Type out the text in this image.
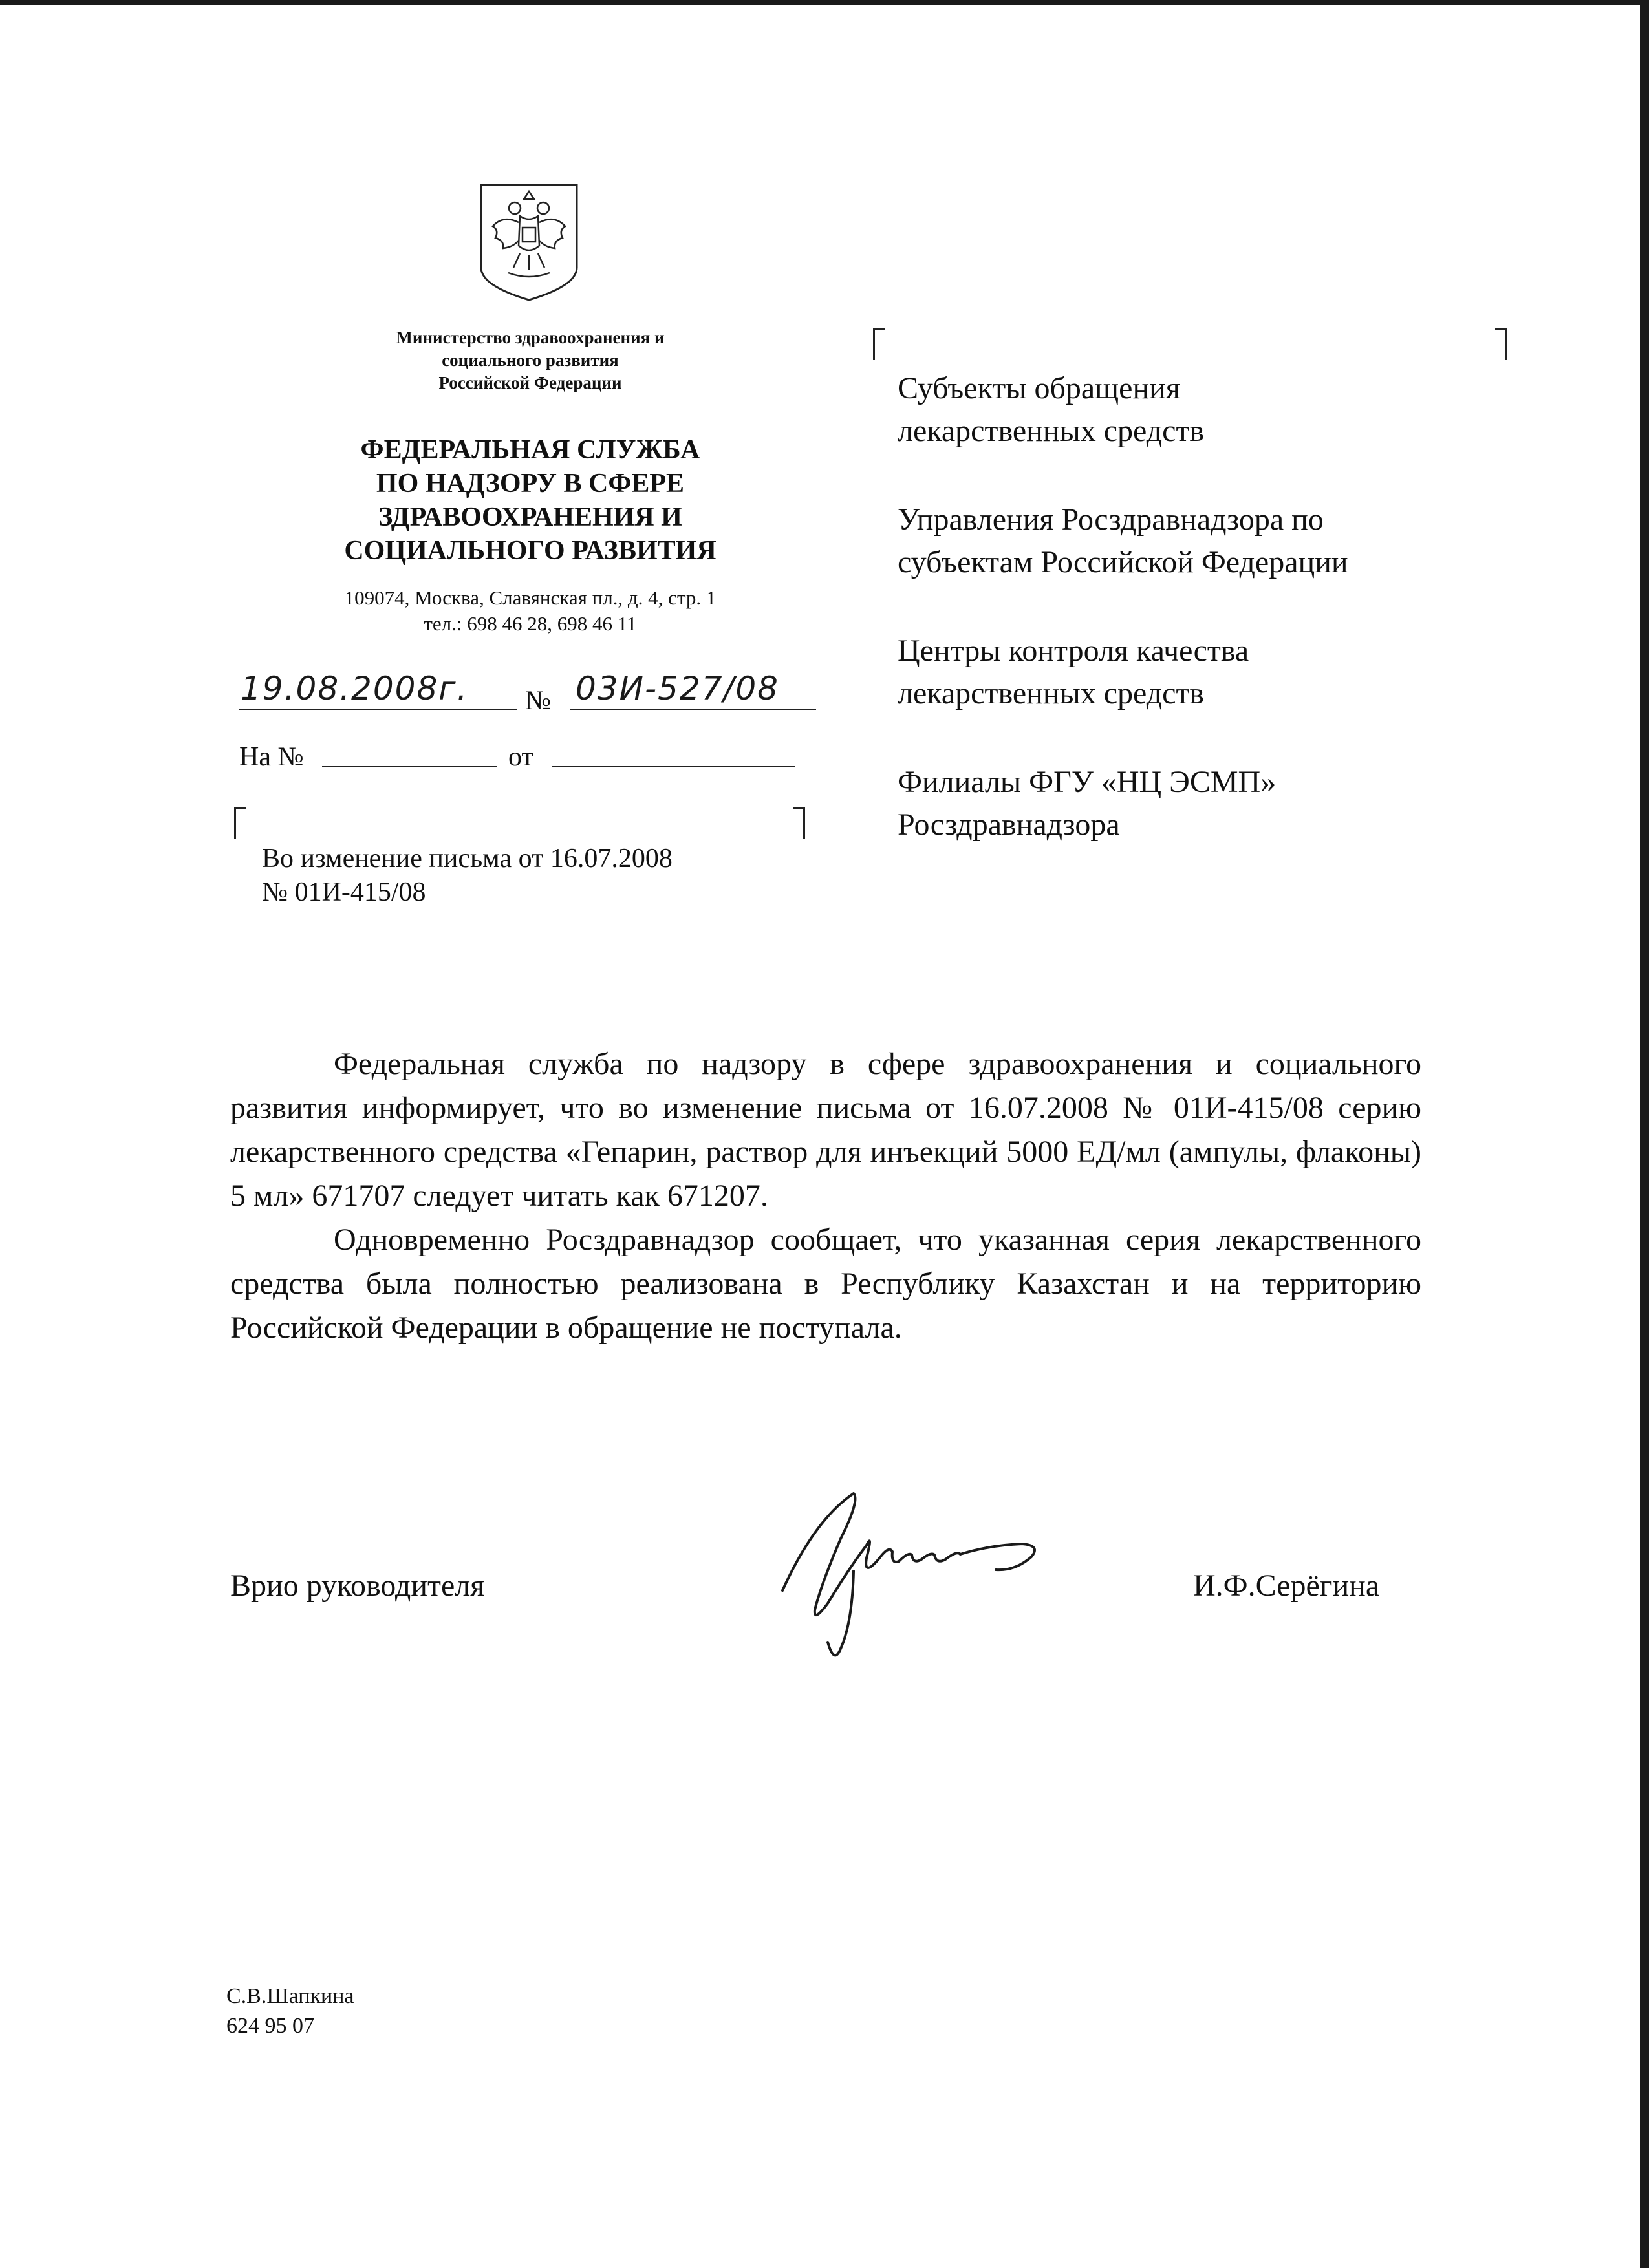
Министерство здравоохранения и
социального развития
Российской Федерации
ФЕДЕРАЛЬНАЯ СЛУЖБА
ПО НАДЗОРУ В СФЕРЕ
ЗДРАВООХРАНЕНИЯ И
СОЦИАЛЬНОГО РАЗВИТИЯ
109074, Москва, Славянская пл., д. 4, стр. 1
тел.: 698 46 28, 698 46 11
19.08.2008г. № 03И-527/08
На №	от
Во изменение письма от 16.07.2008
№ 01И-415/08
Субъекты обращения
лекарственных средств
Управления Росздравнадзора по
субъектам Российской Федерации
Центры контроля качества
лекарственных средств
Филиалы ФГУ «НЦ ЭСМП»
Росздравнадзора

Федеральная служба по надзору в сфере здравоохранения и социального развития информирует, что во изменение письма от 16.07.2008 № 01И-415/08 серию лекарственного средства «Гепарин, раствор для инъекций 5000 ЕД/мл (ампулы, флаконы) 5 мл» 671707 следует читать как 671207.

Одновременно Росздравнадзор сообщает, что указанная серия лекарственного средства была полностью реализована в Республику Казахстан и на территорию Российской Федерации в обращение не поступала.

Врио руководителя	И.Ф.Серёгина
С.В.Шапкина
624 95 07
